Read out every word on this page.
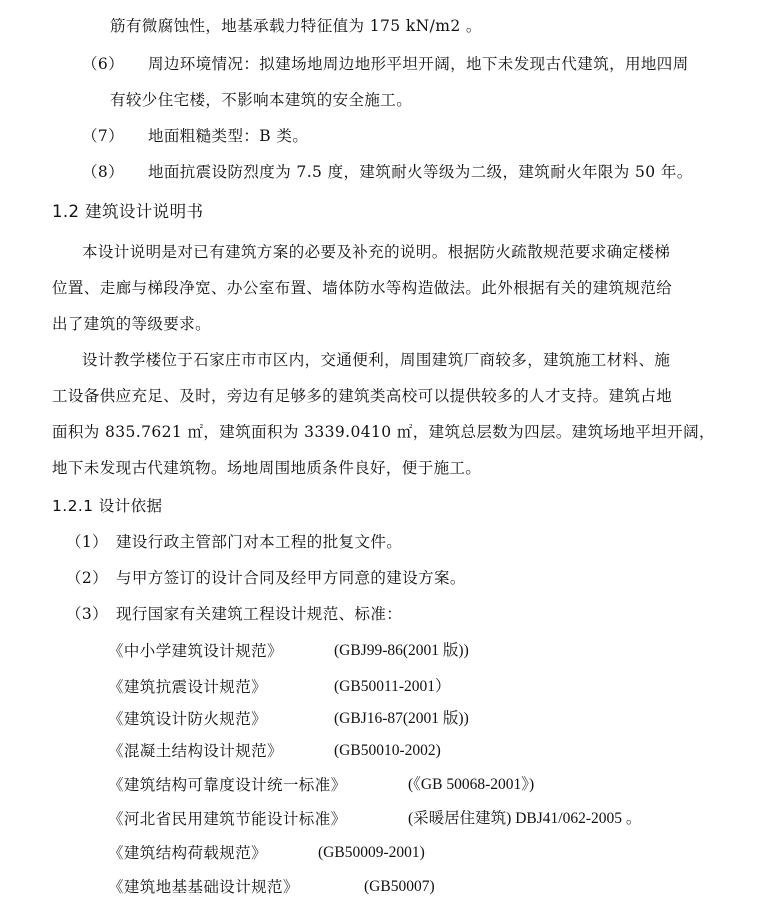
筋有微腐蚀性，地基承载力特征值为 175 kN/m2 。
（6） 周边环境情况：拟建场地周边地形平坦开阔，地下未发现古代建筑，用地四周
有较少住宅楼，不影响本建筑的安全施工。
（7） 地面粗糙类型：B 类。
（8） 地面抗震设防烈度为 7.5 度，建筑耐火等级为二级，建筑耐火年限为 50 年。
1.2 建筑设计说明书
本设计说明是对已有建筑方案的必要及补充的说明。根据防火疏散规范要求确定楼梯
位置、走廊与梯段净宽、办公室布置、墙体防水等构造做法。此外根据有关的建筑规范给
出了建筑的等级要求。
设计教学楼位于石家庄市市区内，交通便利，周围建筑厂商较多，建筑施工材料、施
工设备供应充足、及时，旁边有足够多的建筑类高校可以提供较多的人才支持。建筑占地
面积为 835.7621 ㎡，建筑面积为 3339.0410 ㎡，建筑总层数为四层。建筑场地平坦开阔，
地下未发现古代建筑物。场地周围地质条件良好，便于施工。
1.2.1 设计依据
（1） 建设行政主管部门对本工程的批复文件。
（2） 与甲方签订的设计合同及经甲方同意的建设方案。
（3） 现行国家有关建筑工程设计规范、标准：
《中小学建筑设计规范》	(GBJ99-86(2001 版))
《建筑抗震设计规范》	(GB50011-2001）
《建筑设计防火规范》	(GBJ16-87(2001 版))
《混凝土结构设计规范》	(GB50010-2002)
《建筑结构可靠度设计统一标准》	(《GB 50068-2001》)
《河北省民用建筑节能设计标准》	(采暖居住建筑) DBJ41/062-2005 。
《建筑结构荷载规范》	(GB50009-2001)
《建筑地基基础设计规范》	(GB50007)
